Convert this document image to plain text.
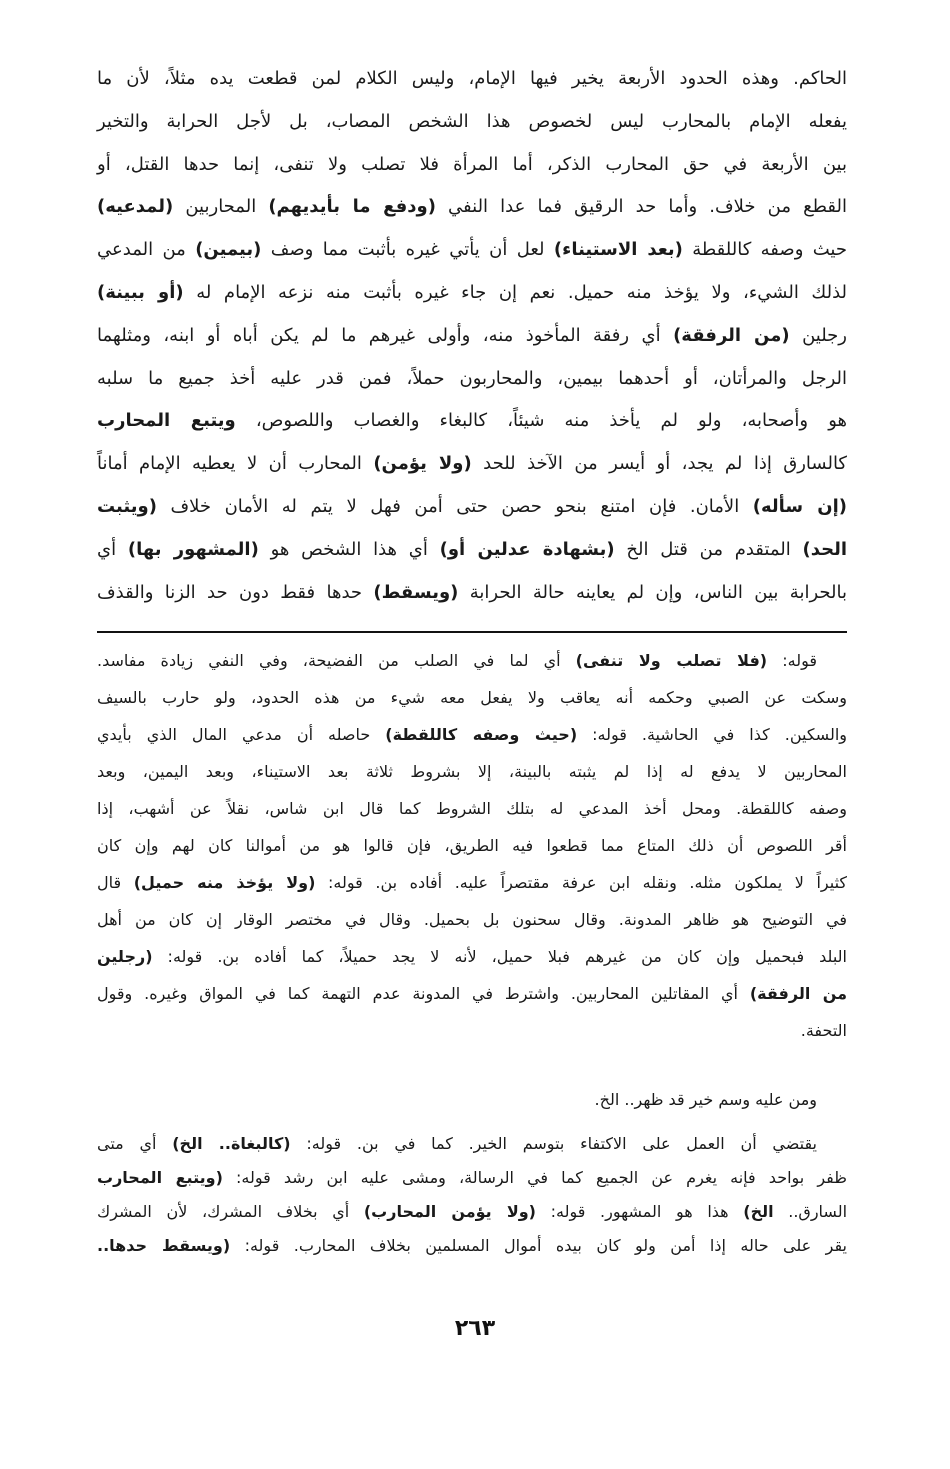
الحاكم. وهذه الحدود الأربعة يخير فيها الإمام، وليس الكلام لمن قطعت يده مثلاً، لأن ما
يفعله الإمام بالمحارب ليس لخصوص هذا الشخص المصاب، بل لأجل الحرابة والتخير
بين الأربعة في حق المحارب الذكر، أما المرأة فلا تصلب ولا تنفى، إنما حدها القتل، أو
القطع من خلاف. وأما حد الرقيق فما عدا النفي (ودفع ما بأيديهم) المحاربين (لمدعيه)
حيث وصفه كاللقطة (بعد الاستيناء) لعل أن يأتي غيره بأثبت مما وصف (بيمين) من المدعي
لذلك الشيء، ولا يؤخذ منه حميل. نعم إن جاء غيره بأثبت منه نزعه الإمام له (أو ببينة)
رجلين (من الرفقة) أي رفقة المأخوذ منه، وأولى غيرهم ما لم يكن أباه أو ابنه، ومثلهما
الرجل والمرأتان، أو أحدهما بيمين، والمحاربون حملاً، فمن قدر عليه أخذ جميع ما سلبه
هو وأصحابه، ولو لم يأخذ منه شيئاً، كالبغاء والغصاب واللصوص، ويتبع المحارب
كالسارق إذا لم يجد، أو أيسر من الآخذ للحد (ولا يؤمن) المحارب أن لا يعطيه الإمام أماناً
(إن سأله) الأمان. فإن امتنع بنحو حصن حتى أمن فهل لا يتم له الأمان خلاف (ويثبت
الحد) المتقدم من قتل الخ (بشهادة عدلين أو) أي هذا الشخص هو (المشهور بها) أي
بالحرابة بين الناس، وإن لم يعاينه حالة الحرابة (ويسقط) حدها فقط دون حد الزنا والقذف
قوله: (فلا تصلب ولا تنفى) أي لما في الصلب من الفضيحة، وفي النفي زيادة مفاسد.
وسكت عن الصبي وحكمه أنه يعاقب ولا يفعل معه شيء من هذه الحدود، ولو حارب بالسيف
والسكين. كذا في الحاشية. قوله: (حيث وصفه كاللقطة) حاصله أن مدعي المال الذي بأيدي
المحاربين لا يدفع له إذا لم يثبته بالبينة، إلا بشروط ثلاثة بعد الاستيناء، وبعد اليمين، وبعد
وصفه كاللقطة. ومحل أخذ المدعي له بتلك الشروط كما قال ابن شاس، نقلاً عن أشهب، إذا
أقر اللصوص أن ذلك المتاع مما قطعوا فيه الطريق، فإن قالوا هو من أموالنا كان لهم وإن كان
كثيراً لا يملكون مثله. ونقله ابن عرفة مقتصراً عليه. أفاده بن. قوله: (ولا يؤخذ منه حميل) قال
في التوضيح هو ظاهر المدونة. وقال سحنون بل بحميل. وقال في مختصر الوقار إن كان من أهل
البلد فبحميل وإن كان من غيرهم فبلا حميل، لأنه لا يجد حميلاً، كما أفاده بن. قوله: (رجلين
من الرفقة) أي المقاتلين المحاربين. واشترط في المدونة عدم التهمة كما في المواق وغيره. وقول
التحفة.
ومن عليه وسم خير قد ظهر.. الخ.
يقتضي أن العمل على الاكتفاء بتوسم الخير. كما في بن. قوله: (كالبغاة.. الخ) أي متى
ظفر بواحد فإنه يغرم عن الجميع كما في الرسالة، ومشى عليه ابن رشد قوله: (ويتبع المحارب
السارق.. الخ) هذا هو المشهور. قوله: (ولا يؤمن المحارب) أي بخلاف المشرك، لأن المشرك
يقر على حاله إذا أمن ولو كان بيده أموال المسلمين بخلاف المحارب. قوله: (ويسقط حدها..
٢٦٣
